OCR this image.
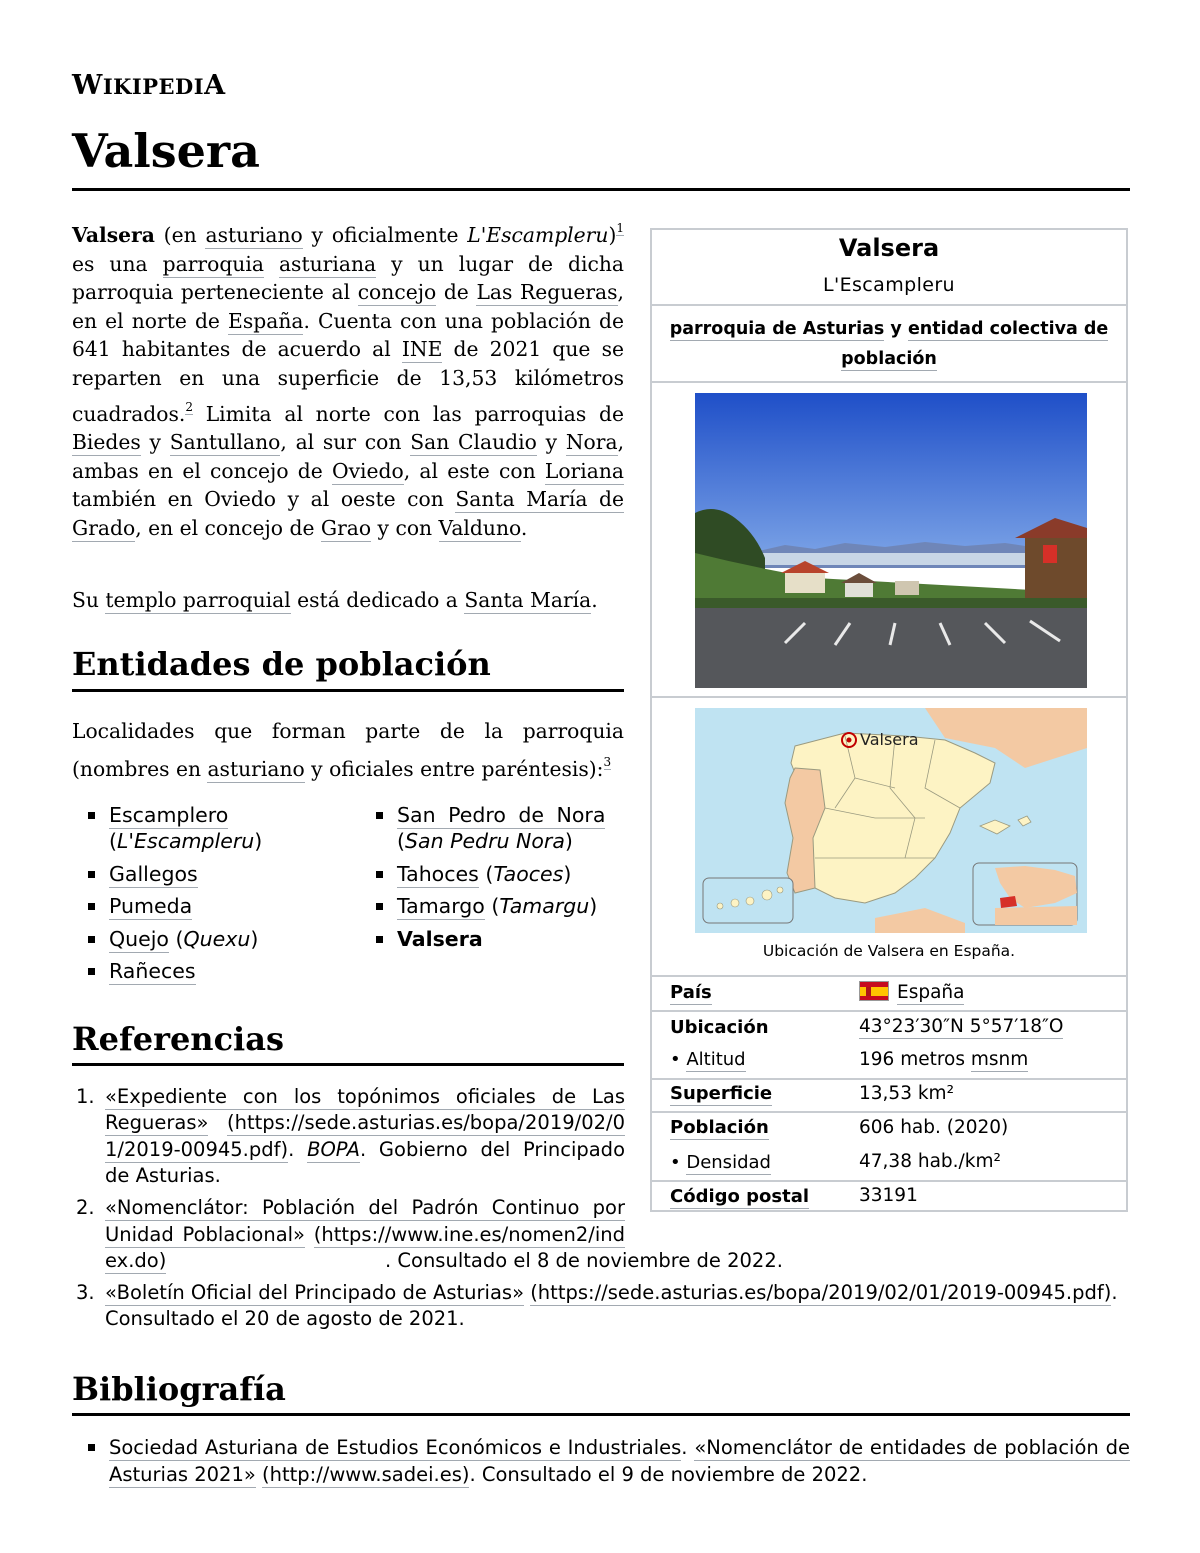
WIKIPEDIA
Valsera

Valsera (en asturiano y oficialmente L'Escampleru)$^1$ es una parroquia asturiana y un lugar de dicha parroquia perteneciente al concejo de Las Regueras, en el norte de España. Cuenta con una población de 641 habitantes de acuerdo al INE de 2021 que se reparten en una superficie de 13,53 kilómetros cuadrados.$^2$ Limita al norte con las parroquias de Biedes y Santullano, al sur con San Claudio y Nora, ambas en el concejo de Oviedo, al este con Loriana también en Oviedo y al oeste con Santa María de Grado, en el concejo de Grao y con Valduno.

Su templo parroquial está dedicado a Santa María.

Entidades de población

Localidades que forman parte de la parroquia (nombres en asturiano y oficiales entre paréntesis):$^3$

Escamplero
(L'Escampleru)
Gallegos
Pumeda
Quejo (Quexu)
Rañeces
San Pedro de Nora
(San Pedru Nora)
Tahoces (Taoces)
Tamargo (Tamargu)
Valsera
Referencias
1. «Expediente con los topónimos oficiales de Las Regueras» (https://sede.asturias.es/bopa/2019/02/01/2019-00945.pdf). BOPA. Gobierno del Principado de Asturias.
2. «Nomenclátor: Población del Padrón Continuo por Unidad Poblacional» (https://www.ine.es/nomen2/index.do)	. Consultado el 8 de noviembre de 2022.
3. «Boletín Oficial del Principado de Asturias» (https://sede.asturias.es/bopa/2019/02/01/2019-00945.pdf). Consultado el 20 de agosto de 2021.
Bibliografía
Sociedad Asturiana de Estudios Económicos e Industriales. «Nomenclátor de entidades de población de Asturias 2021» (http://www.sadei.es). Consultado el 9 de noviembre de 2022.
Valsera
L'Escampleru
parroquia de Asturias y entidad colectiva de población
Valsera
Ubicación de Valsera en España.
País	España
Ubicación	43°23′30″N 5°57′18″O
• Altitud	196 metros msnm
Superficie	13,53 km²
Población	606 hab. (2020)
• Densidad	47,38 hab./km²
Código postal	33191
